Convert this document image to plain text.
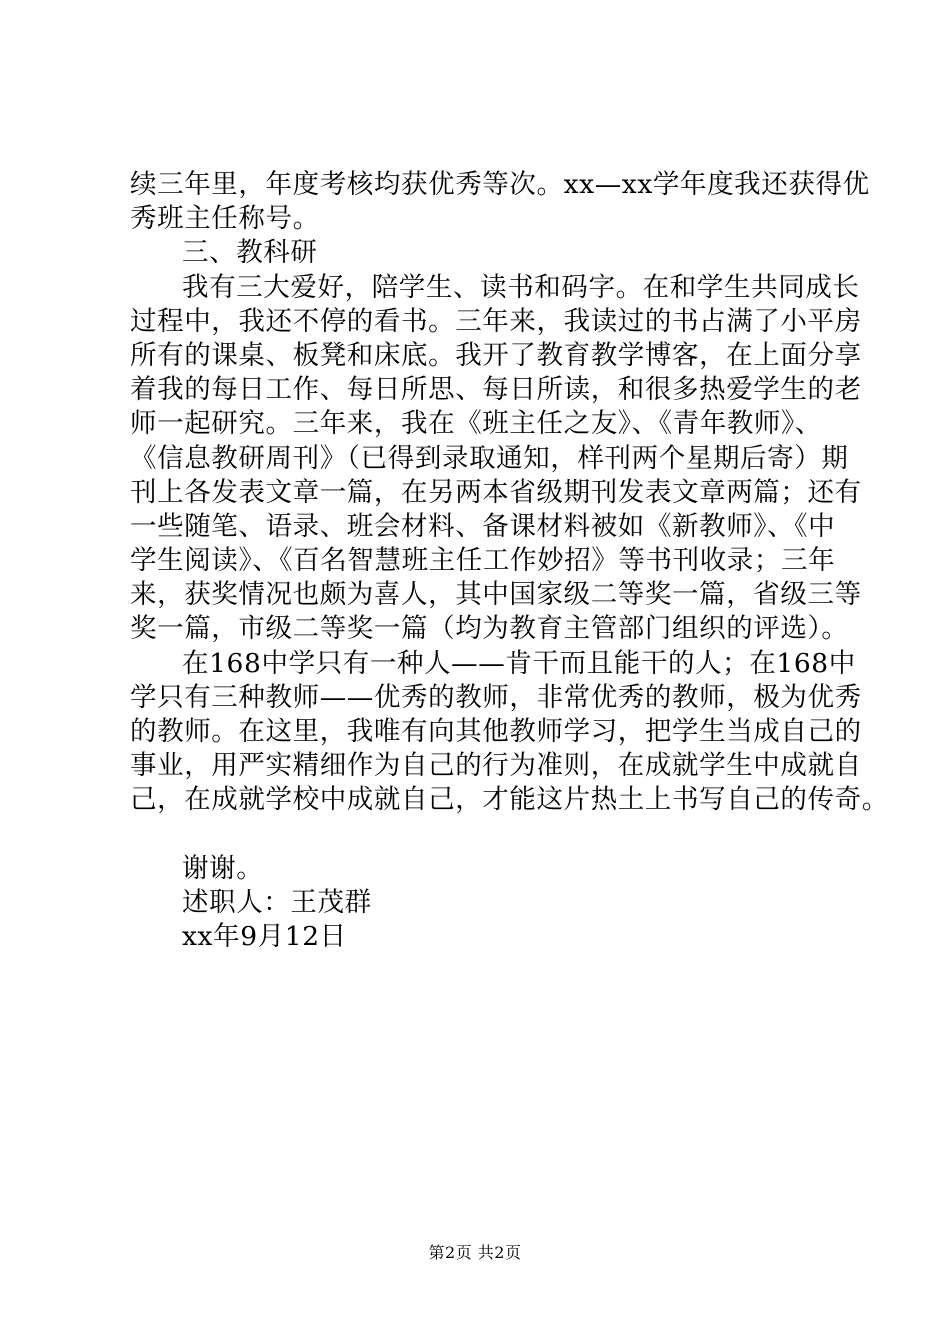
续三年里，年度考核均获优秀等次。xx—xx学年度我还获得优
秀班主任称号。
三、教科研
我有三大爱好，陪学生、读书和码字。在和学生共同成长
过程中，我还不停的看书。三年来，我读过的书占满了小平房
所有的课桌、板凳和床底。我开了教育教学博客，在上面分享
着我的每日工作、每日所思、每日所读，和很多热爱学生的老
师一起研究。三年来，我在《班主任之友》、《青年教师》、
《信息教研周刊》（已得到录取通知，样刊两个星期后寄）期
刊上各发表文章一篇，在另两本省级期刊发表文章两篇；还有
一些随笔、语录、班会材料、备课材料被如《新教师》、《中
学生阅读》、《百名智慧班主任工作妙招》等书刊收录；三年
来，获奖情况也颇为喜人，其中国家级二等奖一篇，省级三等
奖一篇，市级二等奖一篇（均为教育主管部门组织的评选）。
在168中学只有一种人——肯干而且能干的人；在168中
学只有三种教师——优秀的教师，非常优秀的教师，极为优秀
的教师。在这里，我唯有向其他教师学习，把学生当成自己的
事业，用严实精细作为自己的行为准则，在成就学生中成就自
己，在成就学校中成就自己，才能这片热土上书写自己的传奇。
谢谢。
述职人：王茂群
xx年9月12日
第2页 共2页
